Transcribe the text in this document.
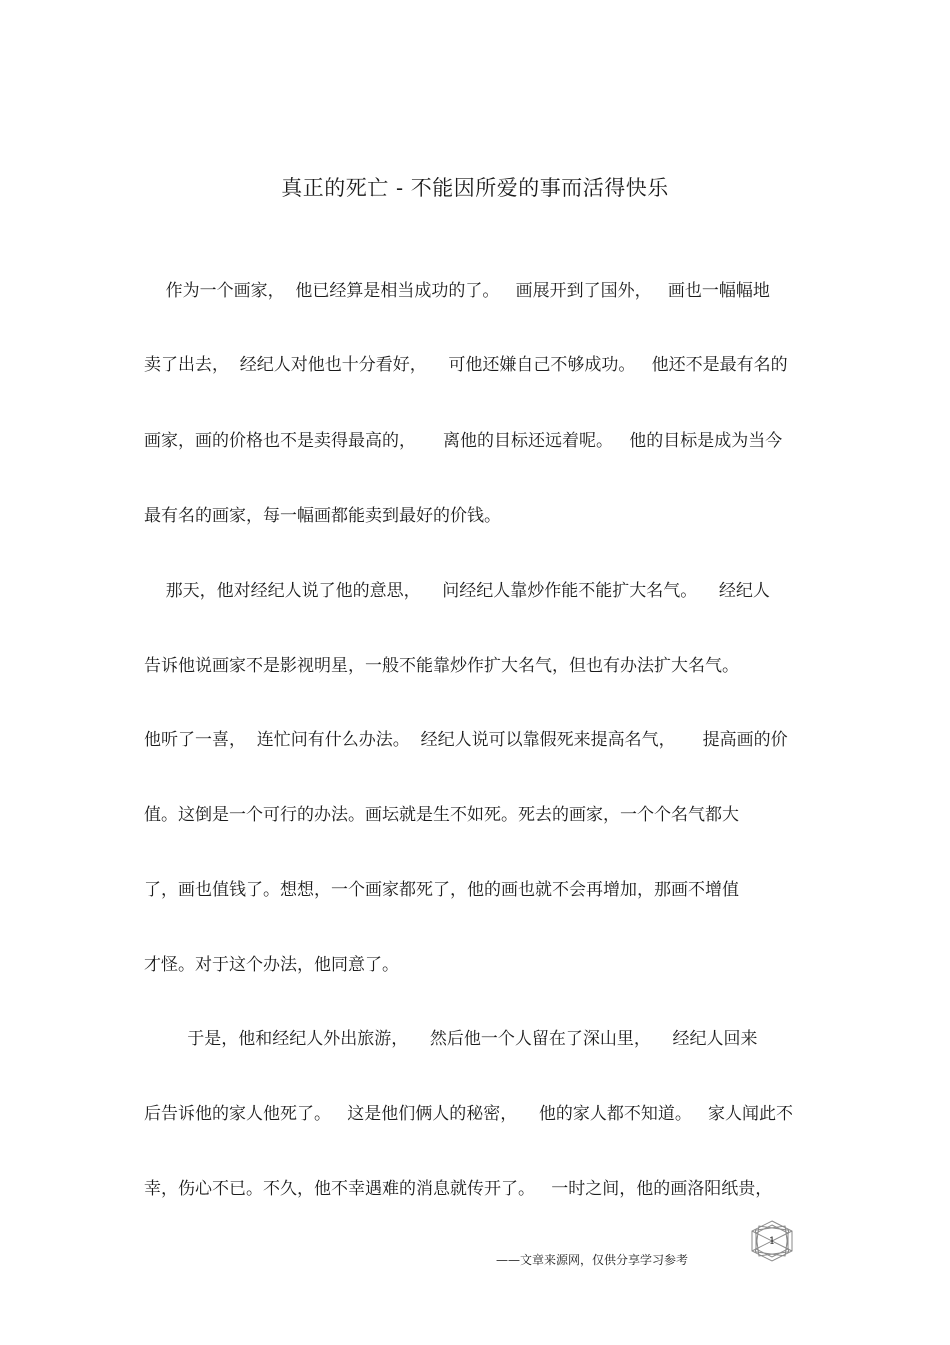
真正的死亡 - 不能因所爱的事而活得快乐
作为一个画家，  他已经算是相当成功的了。   画展开到了国外，   画也一幅幅地
卖了出去，  经纪人对他也十分看好，    可他还嫌自己不够成功。   他还不是最有名的
画家，画的价格也不是卖得最高的，     离他的目标还远着呢。   他的目标是成为当今
最有名的画家，每一幅画都能卖到最好的价钱。
那天，他对经纪人说了他的意思，    问经纪人靠炒作能不能扩大名气。    经纪人
告诉他说画家不是影视明星，一般不能靠炒作扩大名气，但也有办法扩大名气。
他听了一喜，  连忙问有什么办法。  经纪人说可以靠假死来提高名气，     提高画的价
值。这倒是一个可行的办法。画坛就是生不如死。死去的画家，一个个名气都大
了，画也值钱了。想想，一个画家都死了，他的画也就不会再增加，那画不增值
才怪。对于这个办法，他同意了。
于是，他和经纪人外出旅游，    然后他一个人留在了深山里，    经纪人回来
后告诉他的家人他死了。   这是他们俩人的秘密，    他的家人都不知道。   家人闻此不
幸，伤心不已。不久，他不幸遇难的消息就传开了。   一时之间，他的画洛阳纸贵，
——文章来源网，仅供分享学习参考
1
